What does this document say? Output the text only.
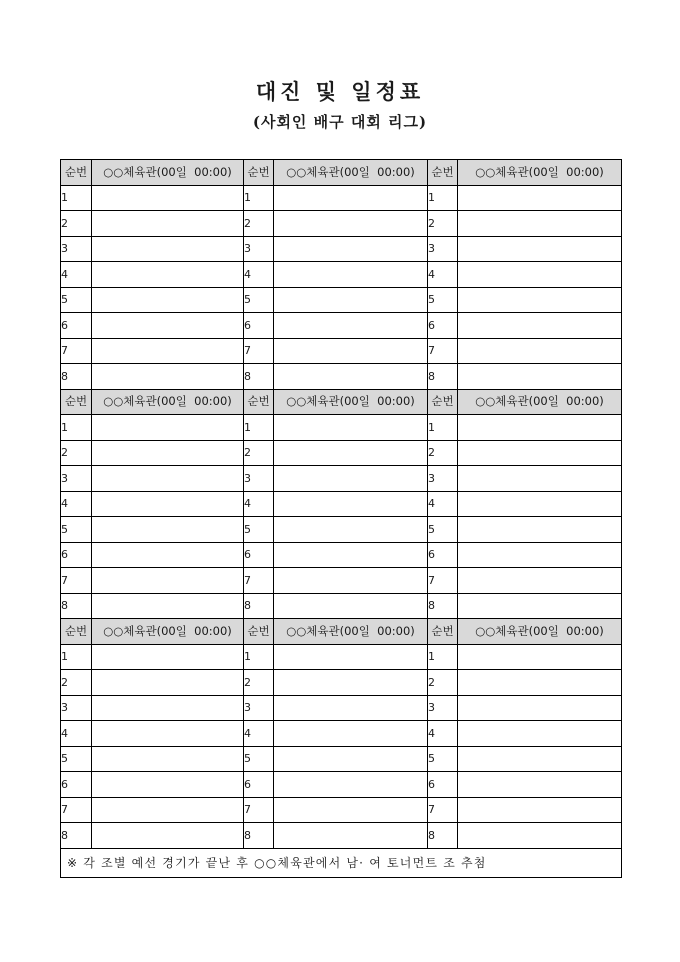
대진 및 일정표
(사회인 배구 대회 리그)
순번	○○체육관(00일  00:00)	순번	○○체육관(00일  00:00)	순번	○○체육관(00일  00:00)
1		1		1	
2		2		2	
3		3		3	
4		4		4	
5		5		5	
6		6		6	
7		7		7	
8		8		8	
순번	○○체육관(00일  00:00)	순번	○○체육관(00일  00:00)	순번	○○체육관(00일  00:00)
1		1		1	
2		2		2	
3		3		3	
4		4		4	
5		5		5	
6		6		6	
7		7		7	
8		8		8	
순번	○○체육관(00일  00:00)	순번	○○체육관(00일  00:00)	순번	○○체육관(00일  00:00)
1		1		1	
2		2		2	
3		3		3	
4		4		4	
5		5		5	
6		6		6	
7		7		7	
8		8		8	
※ 각 조별 예선 경기가 끝난 후 ○○체육관에서 남· 여 토너먼트 조 추첨					
